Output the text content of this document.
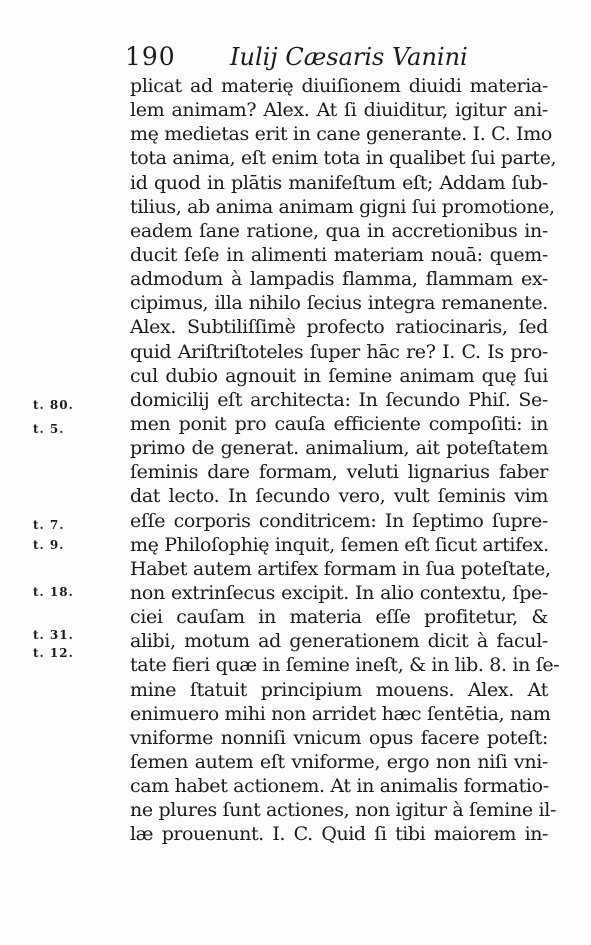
190 Iulij Cæsaris Vanini
plicat ad materię diuiſionem diuidi materia-
lem animam? Alex. At ſi diuiditur, igitur ani-
mę medietas erit in cane generante. I. C. Imo
tota anima, eſt enim tota in qualibet ſui parte,
id quod in plātis manifeſtum eſt; Addam ſub-
tilius, ab anima animam gigni ſui promotione,
eadem ſane ratione, qua in accretionibus in-
ducit ſeſe in alimenti materiam nouā: quem-
admodum à lampadis flamma, flammam ex-
cipimus, illa nihilo ſecius integra remanente.
Alex. Subtiliſſimè profecto ratiocinaris, ſed
quid Ariſtriſtoteles ſuper hāc re? I. C. Is pro-
cul dubio agnouit in ſemine animam quę ſui
domicilij eſt architecta: In ſecundo Phiſ. Se-
men ponit pro cauſa efficiente compoſiti: in
primo de generat. animalium, ait poteſtatem
ſeminis dare formam, veluti lignarius faber
dat lecto. In ſecundo vero, vult ſeminis vim
eſſe corporis conditricem: In ſeptimo ſupre-
mę Philoſophię inquit, ſemen eſt ſicut artifex.
Habet autem artifex formam in ſua poteſtate,
non extrinſecus excipit. In alio contextu, ſpe-
ciei cauſam in materia eſſe profitetur, &
alibi, motum ad generationem dicit à facul-
tate fieri quæ in ſemine ineſt, & in lib. 8. in ſe-
mine ſtatuit principium mouens. Alex. At
enimuero mihi non arridet hæc ſentētia, nam
vniforme nonniſi vnicum opus facere poteſt:
ſemen autem eſt vniforme, ergo non niſi vni-
cam habet actionem. At in animalis formatio-
ne plures ſunt actiones, non igitur à ſemine il-
læ prouenunt. I. C. Quid ſi tibi maiorem in-
t. 80.
t. 5.
t. 7.
t. 9.
t. 18.
t. 31.
t. 12.
